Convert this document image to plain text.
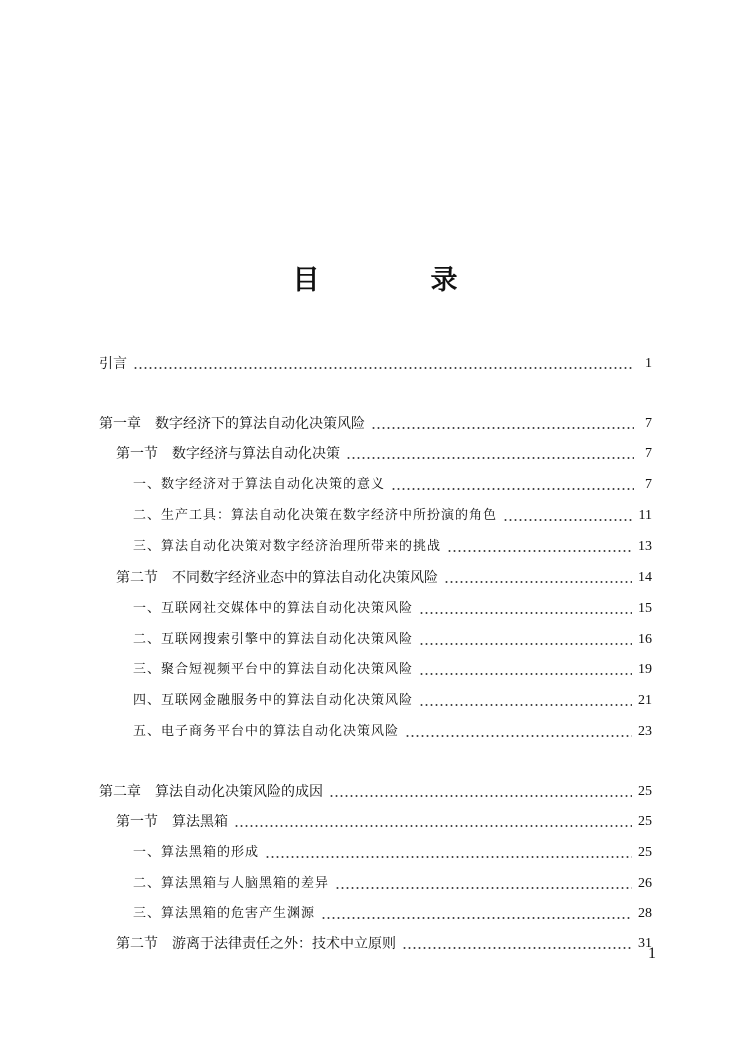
目　录
引言	1
第一章　数字经济下的算法自动化决策风险	7
第一节　数字经济与算法自动化决策	7
一、数字经济对于算法自动化决策的意义	7
二、生产工具：算法自动化决策在数字经济中所扮演的角色	11
三、算法自动化决策对数字经济治理所带来的挑战	13
第二节　不同数字经济业态中的算法自动化决策风险	14
一、互联网社交媒体中的算法自动化决策风险	15
二、互联网搜索引擎中的算法自动化决策风险	16
三、聚合短视频平台中的算法自动化决策风险	19
四、互联网金融服务中的算法自动化决策风险	21
五、电子商务平台中的算法自动化决策风险	23
第二章　算法自动化决策风险的成因	25
第一节　算法黑箱	25
一、算法黑箱的形成	25
二、算法黑箱与人脑黑箱的差异	26
三、算法黑箱的危害产生渊源	28
第二节　游离于法律责任之外：技术中立原则	31
1
